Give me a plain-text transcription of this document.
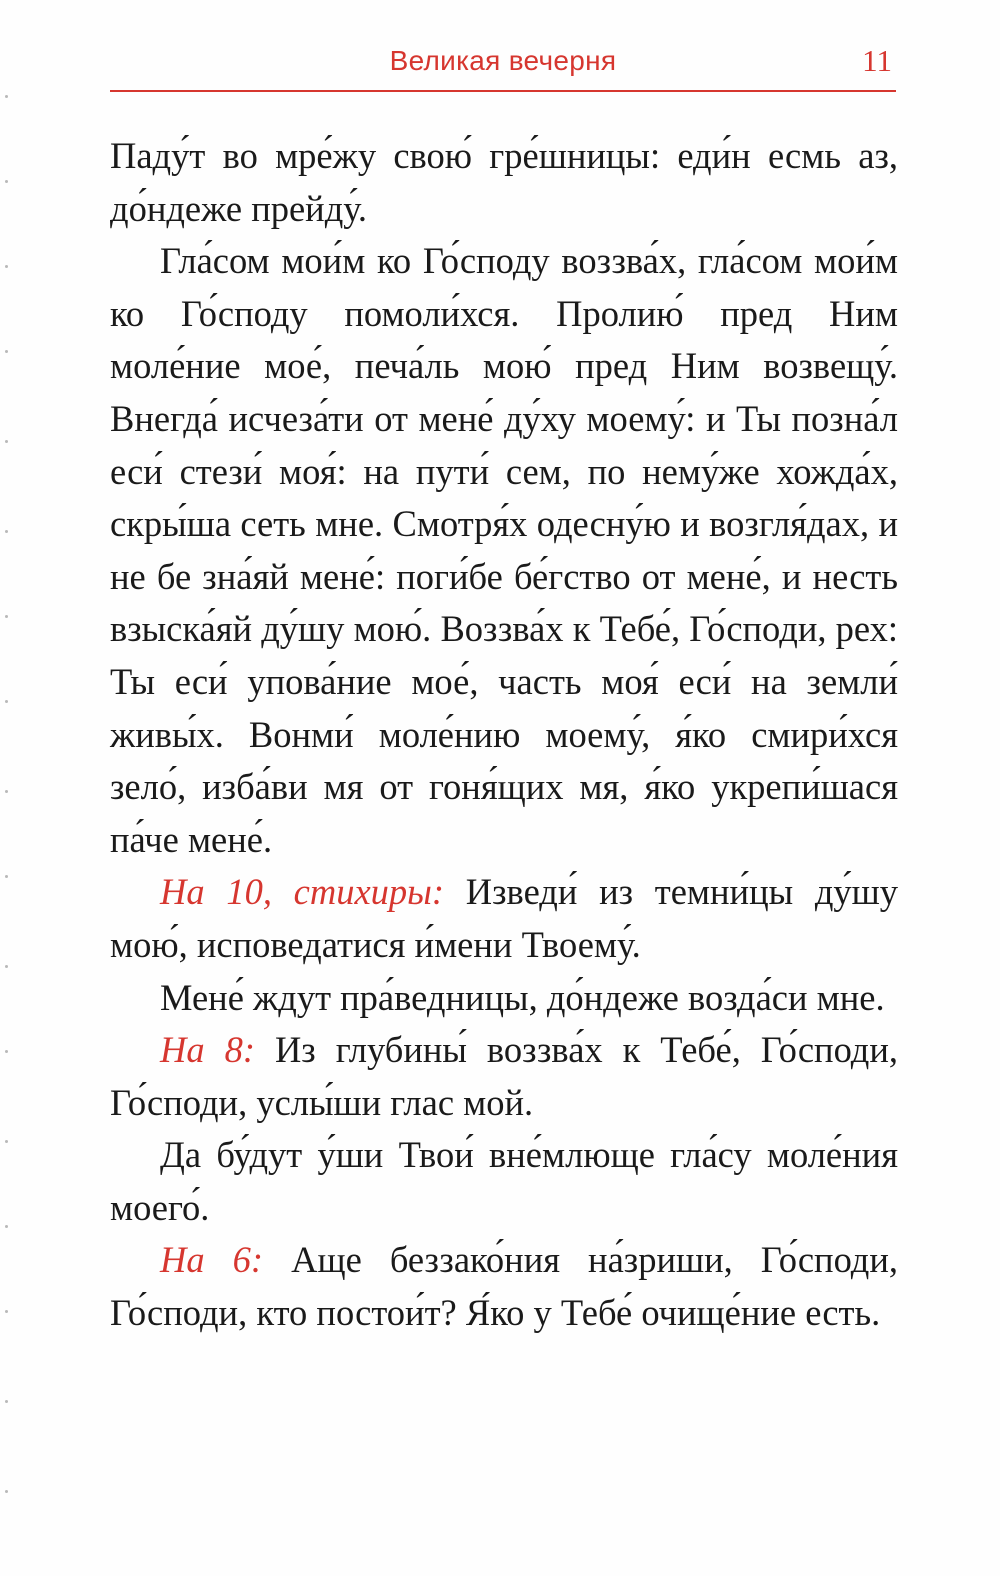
Великая вечерня	11

Паду́т во мре́жу свою́ гре́шницы: еди́н есмь аз, до́ндеже прейду́.

Гла́сом мои́м ко Го́споду воззва́х, гла́сом мои́м ко Го́споду помоли́хся. Пролию́ пред Ним моле́ние мое́, печа́ль мою́ пред Ним возвещу́. Внегда́ исчеза́ти от мене́ ду́ху моему́: и Ты позна́л еси́ стези́ моя́: на пути́ сем, по нему́же хожда́х, скры́ша сеть мне. Смотря́х одесну́ю и возгля́дах, и не бе зна́яй мене́: поги́бе бе́гство от мене́, и несть взыска́яй ду́шу мою́. Воззва́х к Тебе́, Го́споди, рех: Ты еси́ упова́ние мое́, часть моя́ еси́ на земли́ живы́х. Вонми́ моле́нию моему́, я́ко смири́хся зело́, изба́ви мя от гоня́щих мя, я́ко укрепи́шася па́че мене́.

На 10, стихиры: Изведи́ из темни́цы ду́шу мою́, исповедатися и́мени Твоему́.

Мене́ ждут пра́ведницы, до́ндеже возда́си мне.

На 8: Из глубины́ воззва́х к Тебе́, Го́споди, Го́споди, услы́ши глас мой.

Да бу́дут у́ши Твои́ вне́млюще гла́су моле́ния моего́.

На 6: Аще беззако́ния на́зриши, Го́споди, Го́споди, кто постои́т? Я́ко у Тебе́ очище́ние есть.
